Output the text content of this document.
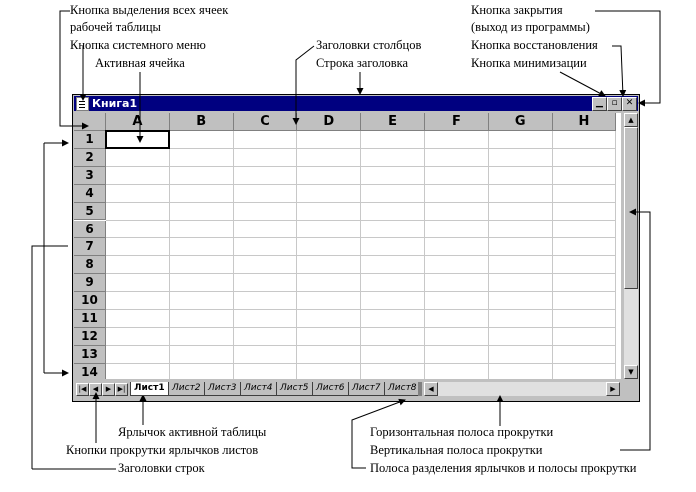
Кнопка выделения всех ячеек
рабочей таблицы
Кнопка системного меню
Активная ячейка
Заголовки столбцов
Строка заголовка
Кнопка закрытия
(выход из программы)
Кнопка восстановления
Кнопка минимизации
Ярлычок активной таблицы
Кнопки прокрутки ярлычков листов
Заголовки строк
Горизонтальная полоса прокрутки
Вертикальная полоса прокрутки
Полоса разделения ярлычков и полосы прокрутки
Книга1	▁ ▫ ✕
A	B	C	D	E	F	G	H
1
2
3
4
5
6
7
8
9
10
11
12
13
14
▲
▼
|◀ ◀	▶ ▶| Лист1 Лист2 Лист3 Лист4 Лист5 Лист6 Лист7 Лист8	◀	▶
